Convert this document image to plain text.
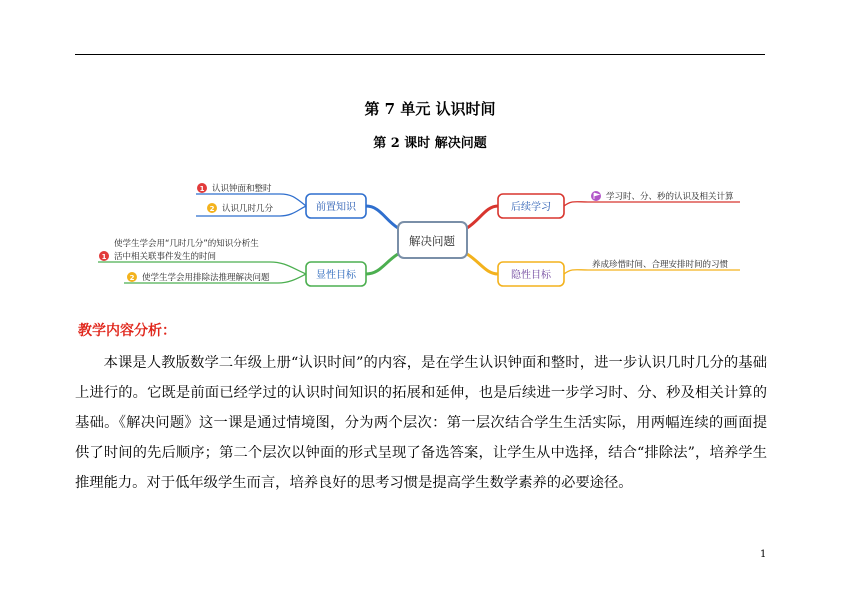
第 7 单元 认识时间
第 2 课时 解决问题
解决问题
前置知识
显性目标
后续学习
隐性目标
1 认识钟面和整时
2 认识几时几分
1
使学生学会用“几时几分”的知识分析生
活中相关联事件发生的时间
2 使学生学会用排除法推理解决问题
学习时、分、秒的认识及相关计算
养成珍惜时间、合理安排时间的习惯
教学内容分析：

本课是人教版数学二年级上册“认识时间”的内容，是在学生认识钟面和整时，进一步认识几时几分的基础上进行的。它既是前面已经学过的认识时间知识的拓展和延伸，也是后续进一步学习时、分、秒及相关计算的基础。《解决问题》这一课是通过情境图，分为两个层次：第一层次结合学生生活实际，用两幅连续的画面提供了时间的先后顺序；第二个层次以钟面的形式呈现了备选答案，让学生从中选择，结合“排除法”，培养学生推理能力。对于低年级学生而言，培养良好的思考习惯是提高学生数学素养的必要途径。

1
